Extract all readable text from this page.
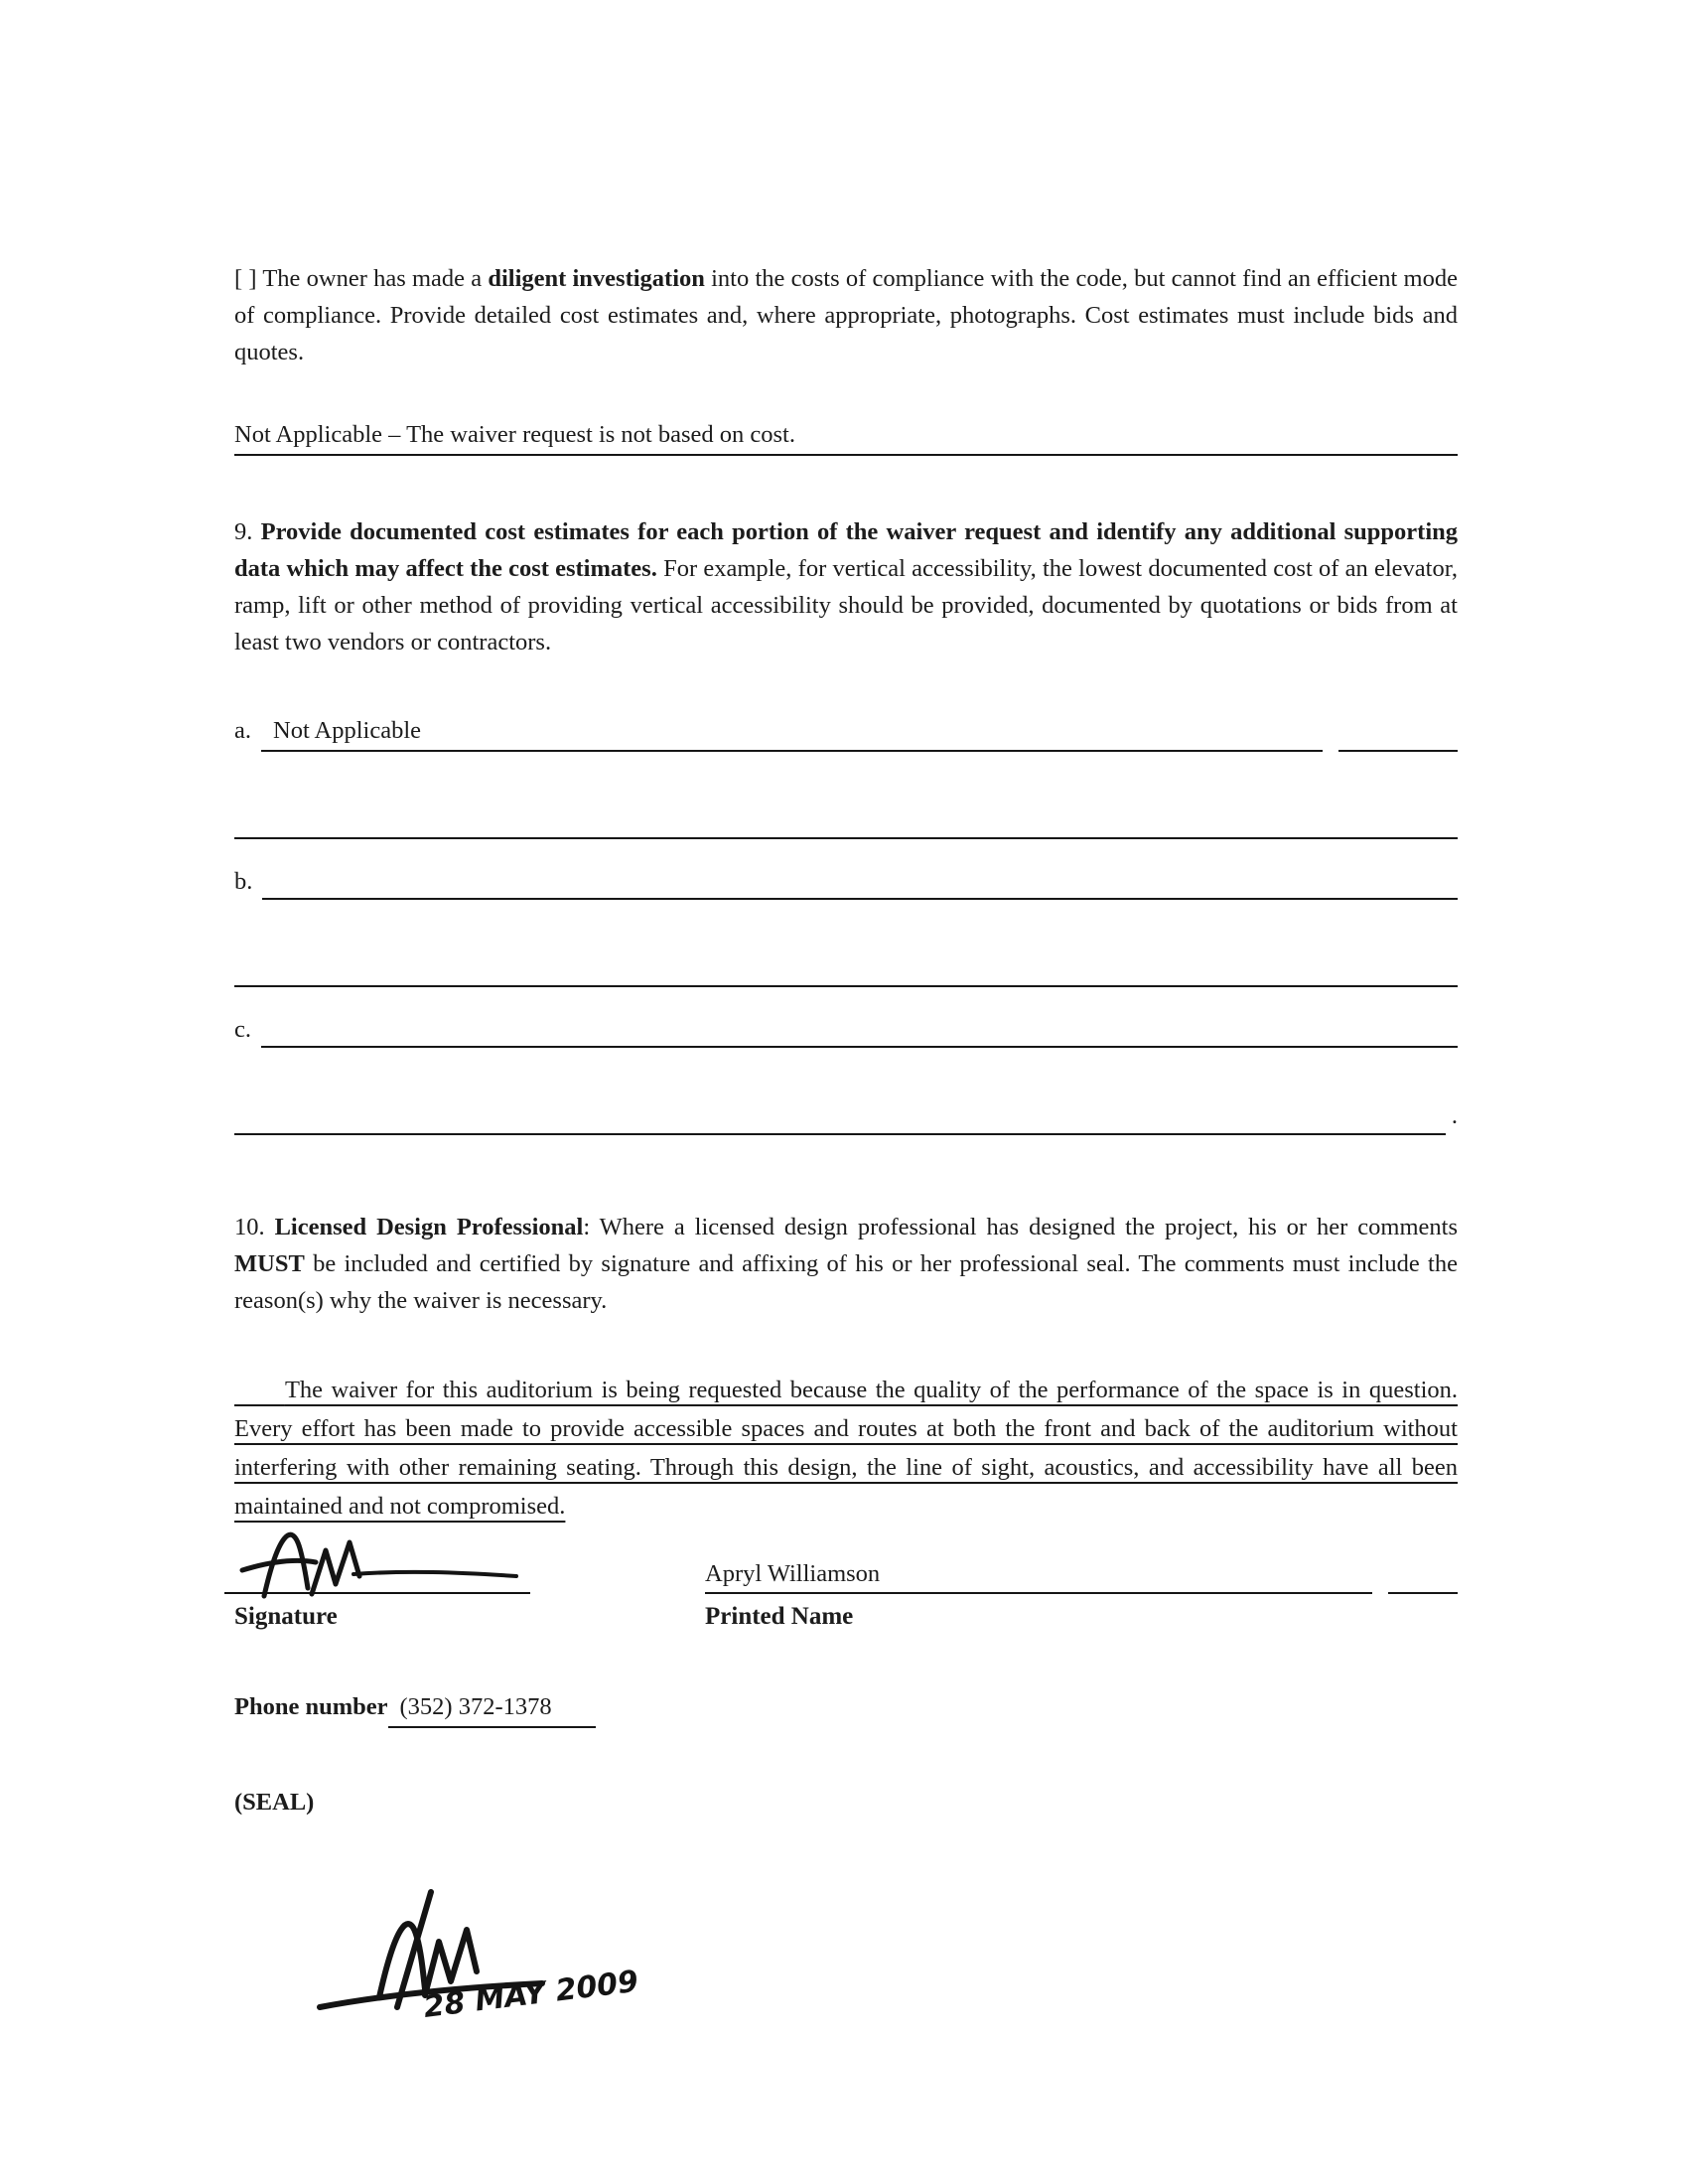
[ ] The owner has made a diligent investigation into the costs of compliance with the code, but cannot find an efficient mode of compliance. Provide detailed cost estimates and, where appropriate, photographs. Cost estimates must include bids and quotes.

Not Applicable – The waiver request is not based on cost.

9. Provide documented cost estimates for each portion of the waiver request and identify any additional supporting data which may affect the cost estimates. For example, for vertical accessibility, the lowest documented cost of an elevator, ramp, lift or other method of providing vertical accessibility should be provided, documented by quotations or bids from at least two vendors or contractors.

a. Not Applicable
b.
c.
.

10. Licensed Design Professional: Where a licensed design professional has designed the project, his or her comments MUST be included and certified by signature and affixing of his or her professional seal. The comments must include the reason(s) why the waiver is necessary.

The waiver for this auditorium is being requested because the quality of the performance of the space is in question. Every effort has been made to provide accessible spaces and routes at both the front and back of the auditorium without interfering with other remaining seating. Through this design, the line of sight, acoustics, and accessibility have all been maintained and not compromised.

Apryl Williamson
Signature	Printed Name
Phone number (352) 372-1378

(SEAL)

28 MAY 2009
